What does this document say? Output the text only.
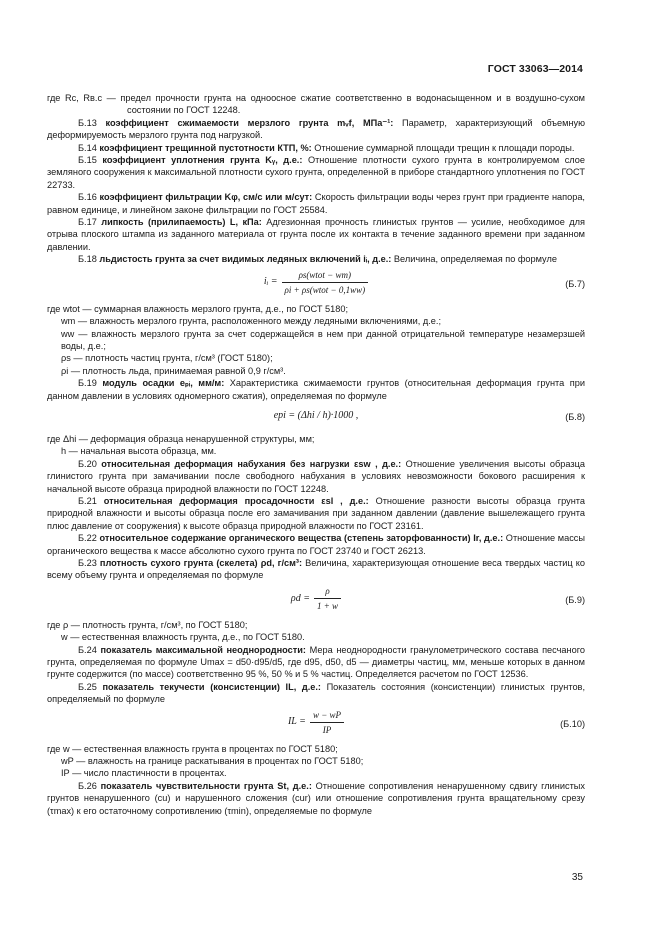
ГОСТ 33063—2014

где Rс, Rв.с — предел прочности грунта на одноосное сжатие соответственно в водонасыщенном и в воздушно-сухом состоянии по ГОСТ 12248.

Б.13 коэффициент сжимаемости мерзлого грунта mᵥf, МПа⁻¹: Параметр, характеризующий объемную деформируемость мерзлого грунта под нагрузкой.

Б.14 коэффициент трещинной пустотности КТП, %: Отношение суммарной площади трещин к площади породы.

Б.15 коэффициент уплотнения грунта Kᵧ, д.е.: Отношение плотности сухого грунта в контролируемом слое земляного сооружения к максимальной плотности сухого грунта, определенной в приборе стандартного уплотнения по ГОСТ 22733.

Б.16 коэффициент фильтрации Kφ, см/с или м/сут: Скорость фильтрации воды через грунт при градиенте напора, равном единице, и линейном законе фильтрации по ГОСТ 25584.

Б.17 липкость (прилипаемость) L, кПа: Адгезионная прочность глинистых грунтов — усилие, необходимое для отрыва плоского штампа из заданного материала от грунта после их контакта в течение заданного времени при заданном давлении.

Б.18 льдистость грунта за счет видимых ледяных включений iᵢ, д.е.: Величина, определяемая по формуле

iᵢ = $\frac{\text{ρs(wtot − wm)}}{\text{ρi + ρs(wtot − 0,1ww)}}$	(Б.7)

где wtot — суммарная влажность мерзлого грунта, д.е., по ГОСТ 5180;

wm — влажность мерзлого грунта, расположенного между ледяными включениями, д.е.;

ww — влажность мерзлого грунта за счет содержащейся в нем при данной отрицательной температуре незамерзшей воды, д.е.;

ρs — плотность частиц грунта, г/см³ (ГОСТ 5180);

ρi — плотность льда, принимаемая равной 0,9 г/см³.

Б.19 модуль осадки eₚᵢ, мм/м: Характеристика сжимаемости грунтов (относительная деформация грунта при данном давлении в условиях одномерного сжатия), определяемая по формуле

epi = (Δhi / h)·1000 ,	(Б.8)

где Δhi — деформация образца ненарушенной структуры, мм;

h — начальная высота образца, мм.

Б.20 относительная деформация набухания без нагрузки εsw , д.е.: Отношение увеличения высоты образца глинистого грунта при замачивании после свободного набухания в условиях невозможности бокового расширения к начальной высоте образца природной влажности по ГОСТ 12248.

Б.21 относительная деформация просадочности εsl , д.е.: Отношение разности высоты образца грунта природной влажности и высоты образца после его замачивания при заданном давлении (давление вышележащего грунта плюс давление от сооружения) к высоте образца природной влажности по ГОСТ 23161.

Б.22 относительное содержание органического вещества (степень заторфованности) Ir, д.е.: Отношение массы органического вещества к массе абсолютно сухого грунта по ГОСТ 23740 и ГОСТ 26213.

Б.23 плотность сухого грунта (скелета) ρd, г/см³: Величина, характеризующая отношение веса твердых частиц ко всему объему грунта и определяемая по формуле

$\rho d = \frac{\rho}{1 + w}$	(Б.9)

где ρ — плотность грунта, г/см³, по ГОСТ 5180;

w — естественная влажность грунта, д.е., по ГОСТ 5180.

Б.24 показатель максимальной неоднородности: Мера неоднородности гранулометрического состава песчаного грунта, определяемая по формуле Umax = d50·d95/d5, где d95, d50, d5 — диаметры частиц, мм, меньше которых в данном грунте содержится (по массе) соответственно 95 %, 50 % и 5 % частиц. Определяется расчетом по ГОСТ 12536.

Б.25 показатель текучести (консистенции) IL, д.е.: Показатель состояния (консистенции) глинистых грунтов, определяемый по формуле

IL = $\frac{w - wP}{IP}$	(Б.10)

где w — естественная влажность грунта в процентах по ГОСТ 5180;

wP — влажность на границе раскатывания в процентах по ГОСТ 5180;

IP — число пластичности в процентах.

Б.26 показатель чувствительности грунта St, д.е.: Отношение сопротивления ненарушенному сдвигу глинистых грунтов ненарушенного (cu) и нарушенного сложения (cur) или отношение сопротивления грунта вращательному срезу (τmax) к его остаточному сопротивлению (τmin), определяемые по формуле

35
